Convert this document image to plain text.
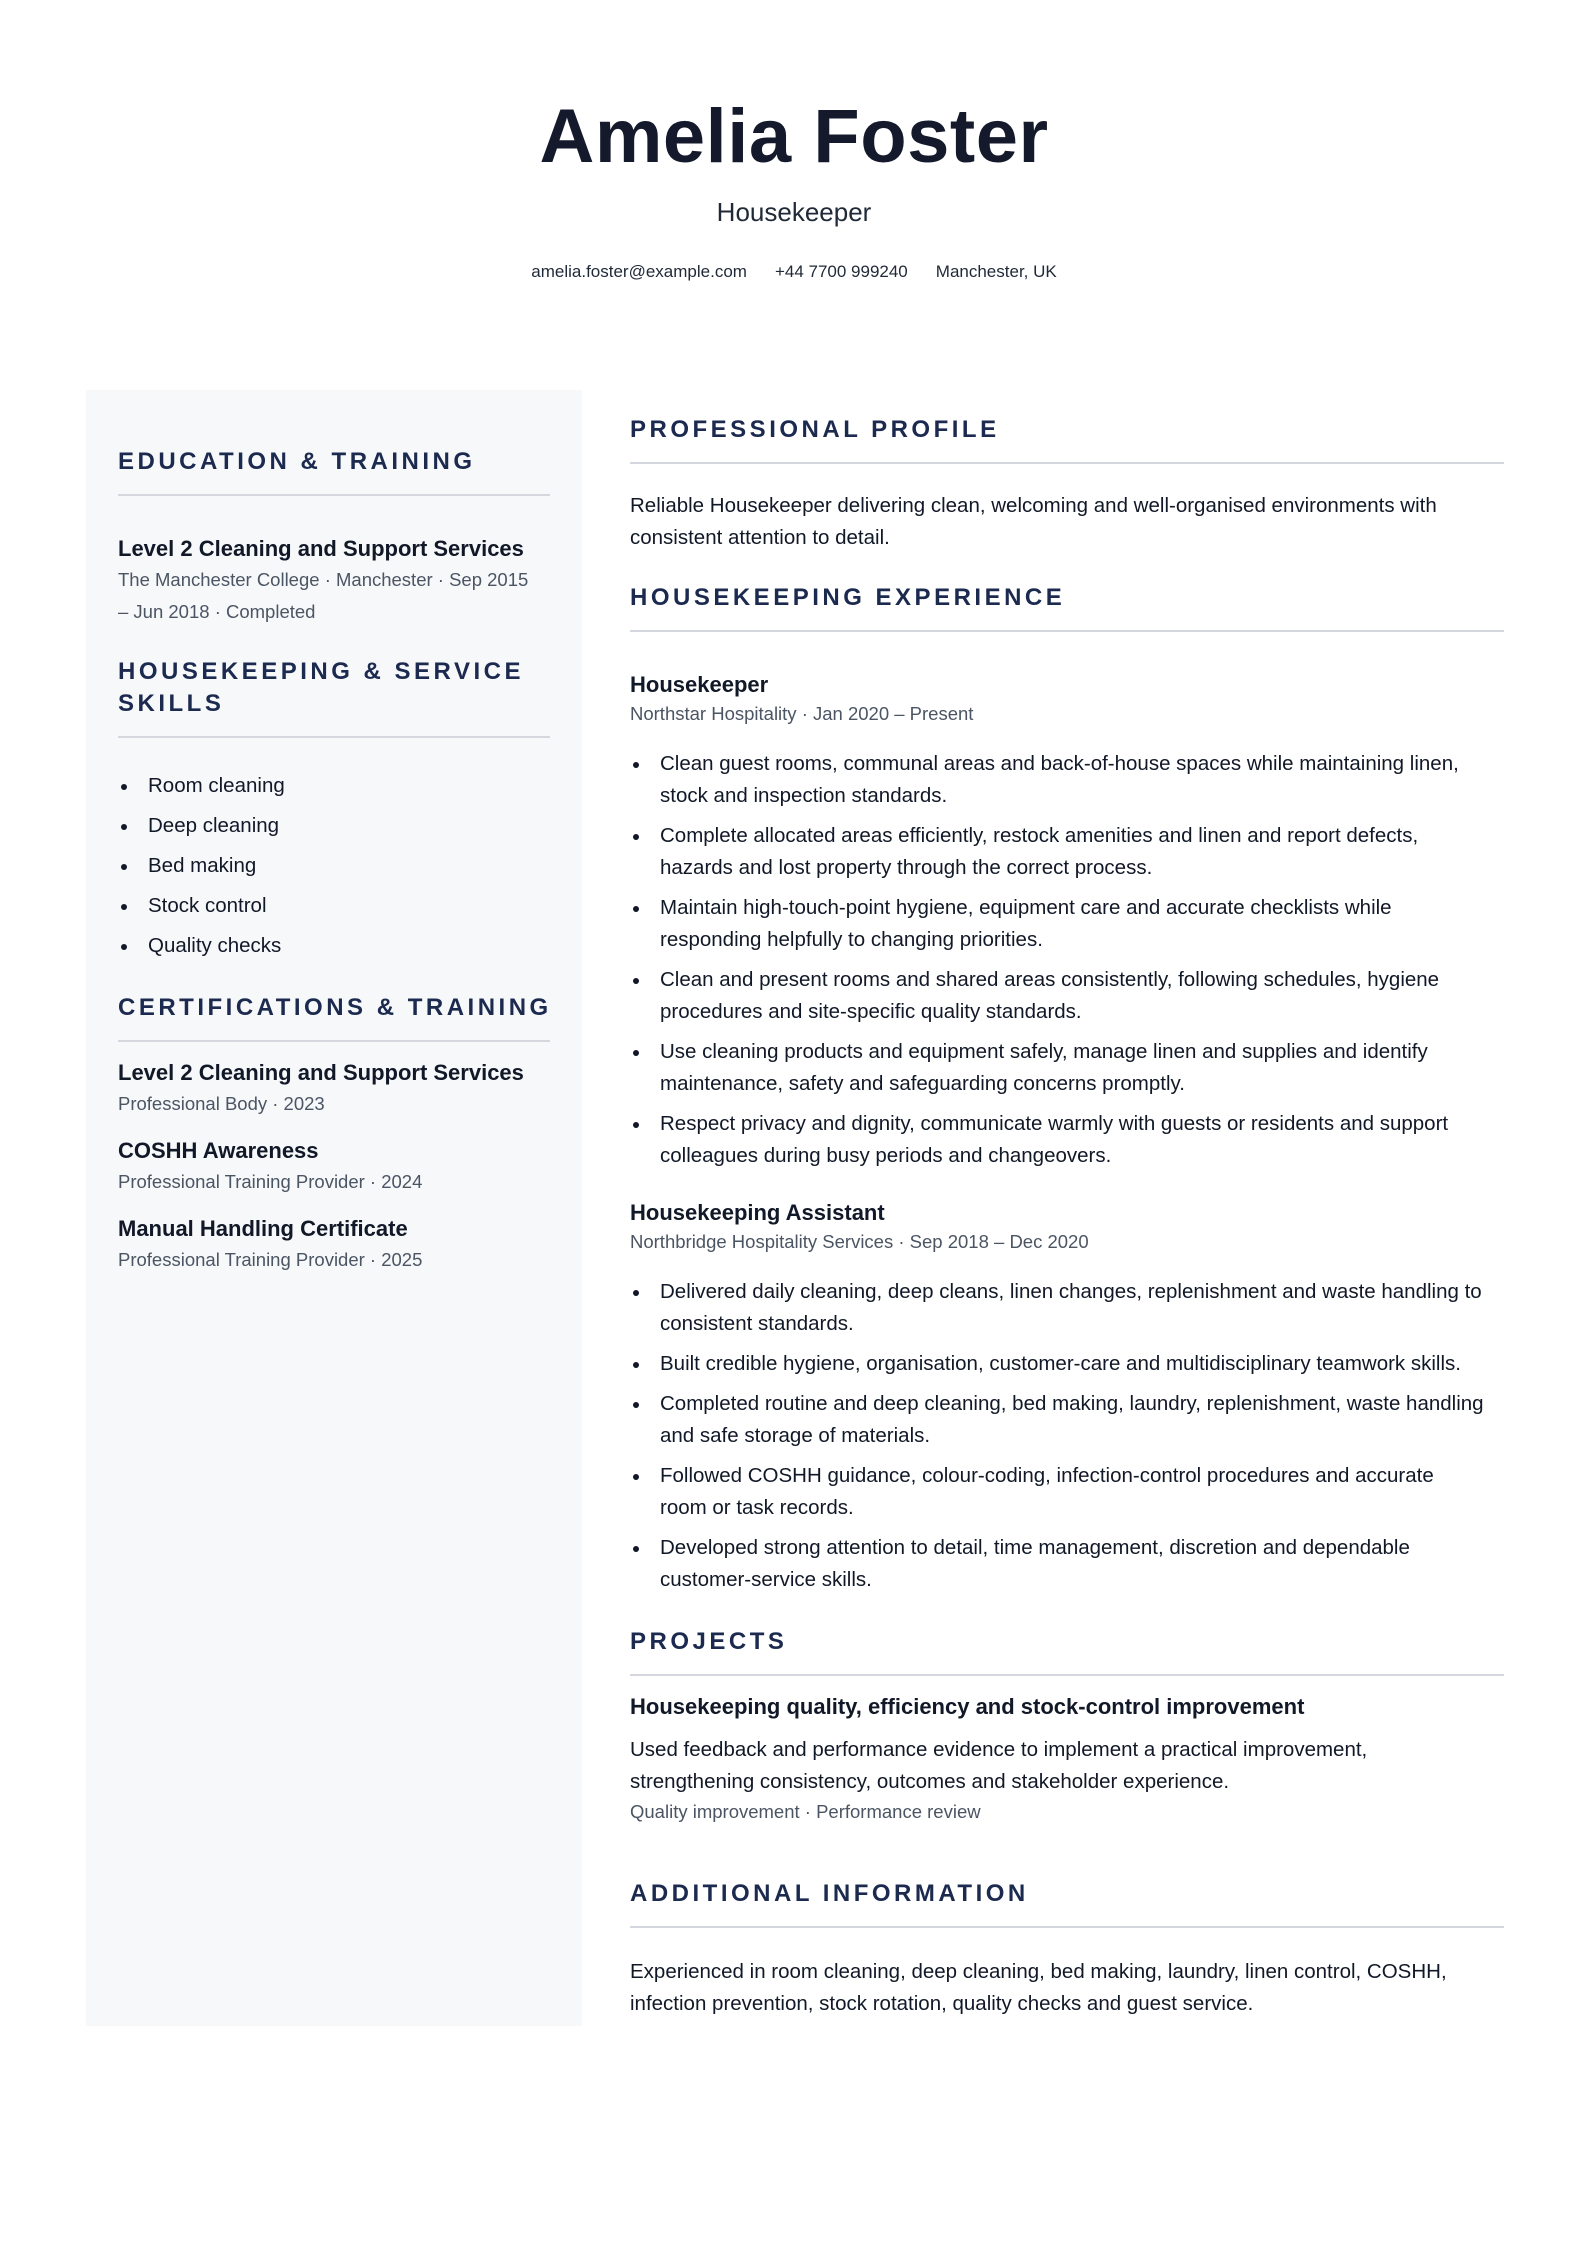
Amelia Foster
Housekeeper
amelia.foster@example.com +44 7700 999240 Manchester, UK
EDUCATION & TRAINING
Level 2 Cleaning and Support Services
The Manchester College · Manchester · Sep 2015
– Jun 2018 · Completed
HOUSEKEEPING & SERVICE
SKILLS
Room cleaning
Deep cleaning
Bed making
Stock control
Quality checks
CERTIFICATIONS & TRAINING
Level 2 Cleaning and Support Services
Professional Body · 2023
COSHH Awareness
Professional Training Provider · 2024
Manual Handling Certificate
Professional Training Provider · 2025
PROFESSIONAL PROFILE
Reliable Housekeeper delivering clean, welcoming and well-organised environments with
consistent attention to detail.
HOUSEKEEPING EXPERIENCE
Housekeeper
Northstar Hospitality · Jan 2020 – Present
Clean guest rooms, communal areas and back-of-house spaces while maintaining linen,
stock and inspection standards.
Complete allocated areas efficiently, restock amenities and linen and report defects,
hazards and lost property through the correct process.
Maintain high-touch-point hygiene, equipment care and accurate checklists while
responding helpfully to changing priorities.
Clean and present rooms and shared areas consistently, following schedules, hygiene
procedures and site-specific quality standards.
Use cleaning products and equipment safely, manage linen and supplies and identify
maintenance, safety and safeguarding concerns promptly.
Respect privacy and dignity, communicate warmly with guests or residents and support
colleagues during busy periods and changeovers.
Housekeeping Assistant
Northbridge Hospitality Services · Sep 2018 – Dec 2020
Delivered daily cleaning, deep cleans, linen changes, replenishment and waste handling to
consistent standards.
Built credible hygiene, organisation, customer-care and multidisciplinary teamwork skills.
Completed routine and deep cleaning, bed making, laundry, replenishment, waste handling
and safe storage of materials.
Followed COSHH guidance, colour-coding, infection-control procedures and accurate
room or task records.
Developed strong attention to detail, time management, discretion and dependable
customer-service skills.
PROJECTS
Housekeeping quality, efficiency and stock-control improvement
Used feedback and performance evidence to implement a practical improvement,
strengthening consistency, outcomes and stakeholder experience.
Quality improvement · Performance review
ADDITIONAL INFORMATION
Experienced in room cleaning, deep cleaning, bed making, laundry, linen control, COSHH,
infection prevention, stock rotation, quality checks and guest service.
